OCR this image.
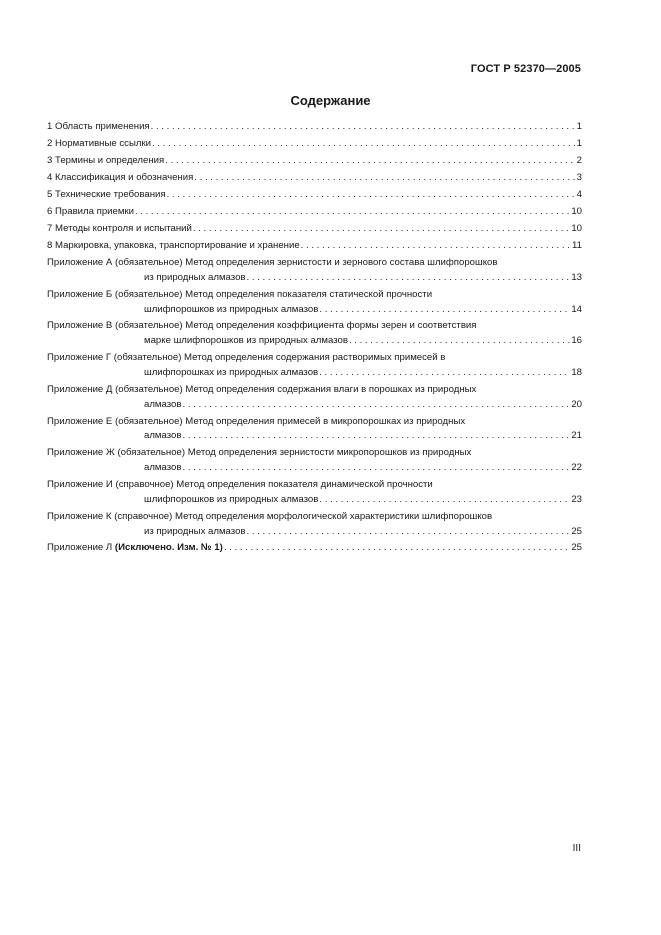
ГОСТ Р 52370—2005
Содержание
1 Область применения . . .	1
2 Нормативные ссылки . . .	1
3 Термины и определения . . .	2
4 Классификация и обозначения . . .	3
5 Технические требования . . .	4
6 Правила приемки . . .	10
7 Методы контроля и испытаний . . .	10
8 Маркировка, упаковка, транспортирование и хранение . . .	11
Приложение А (обязательное) Метод определения зернистости и зернового состава шлифпорошков
из природных алмазов . . .	13
Приложение Б (обязательное) Метод определения показателя статической прочности
шлифпорошков из природных алмазов . . .	14
Приложение В (обязательное) Метод определения коэффициента формы зерен и соответствия
марке шлифпорошков из природных алмазов . . .	16
Приложение Г (обязательное) Метод определения содержания растворимых примесей в
шлифпорошках из природных алмазов . . .	18
Приложение Д (обязательное) Метод определения содержания влаги в порошках из природных
алмазов . . .	20
Приложение Е (обязательное) Метод определения примесей в микропорошках из природных
алмазов . . .	21
Приложение Ж (обязательное) Метод определения зернистости микропорошков из природных
алмазов . . .	22
Приложение И (справочное) Метод определения показателя динамической прочности
шлифпорошков из природных алмазов . . .	23
Приложение К (справочное) Метод определения морфологической характеристики шлифпорошков
из природных алмазов . . .	25
Приложение Л (Исключено. Изм. № 1) . . .	25
III
